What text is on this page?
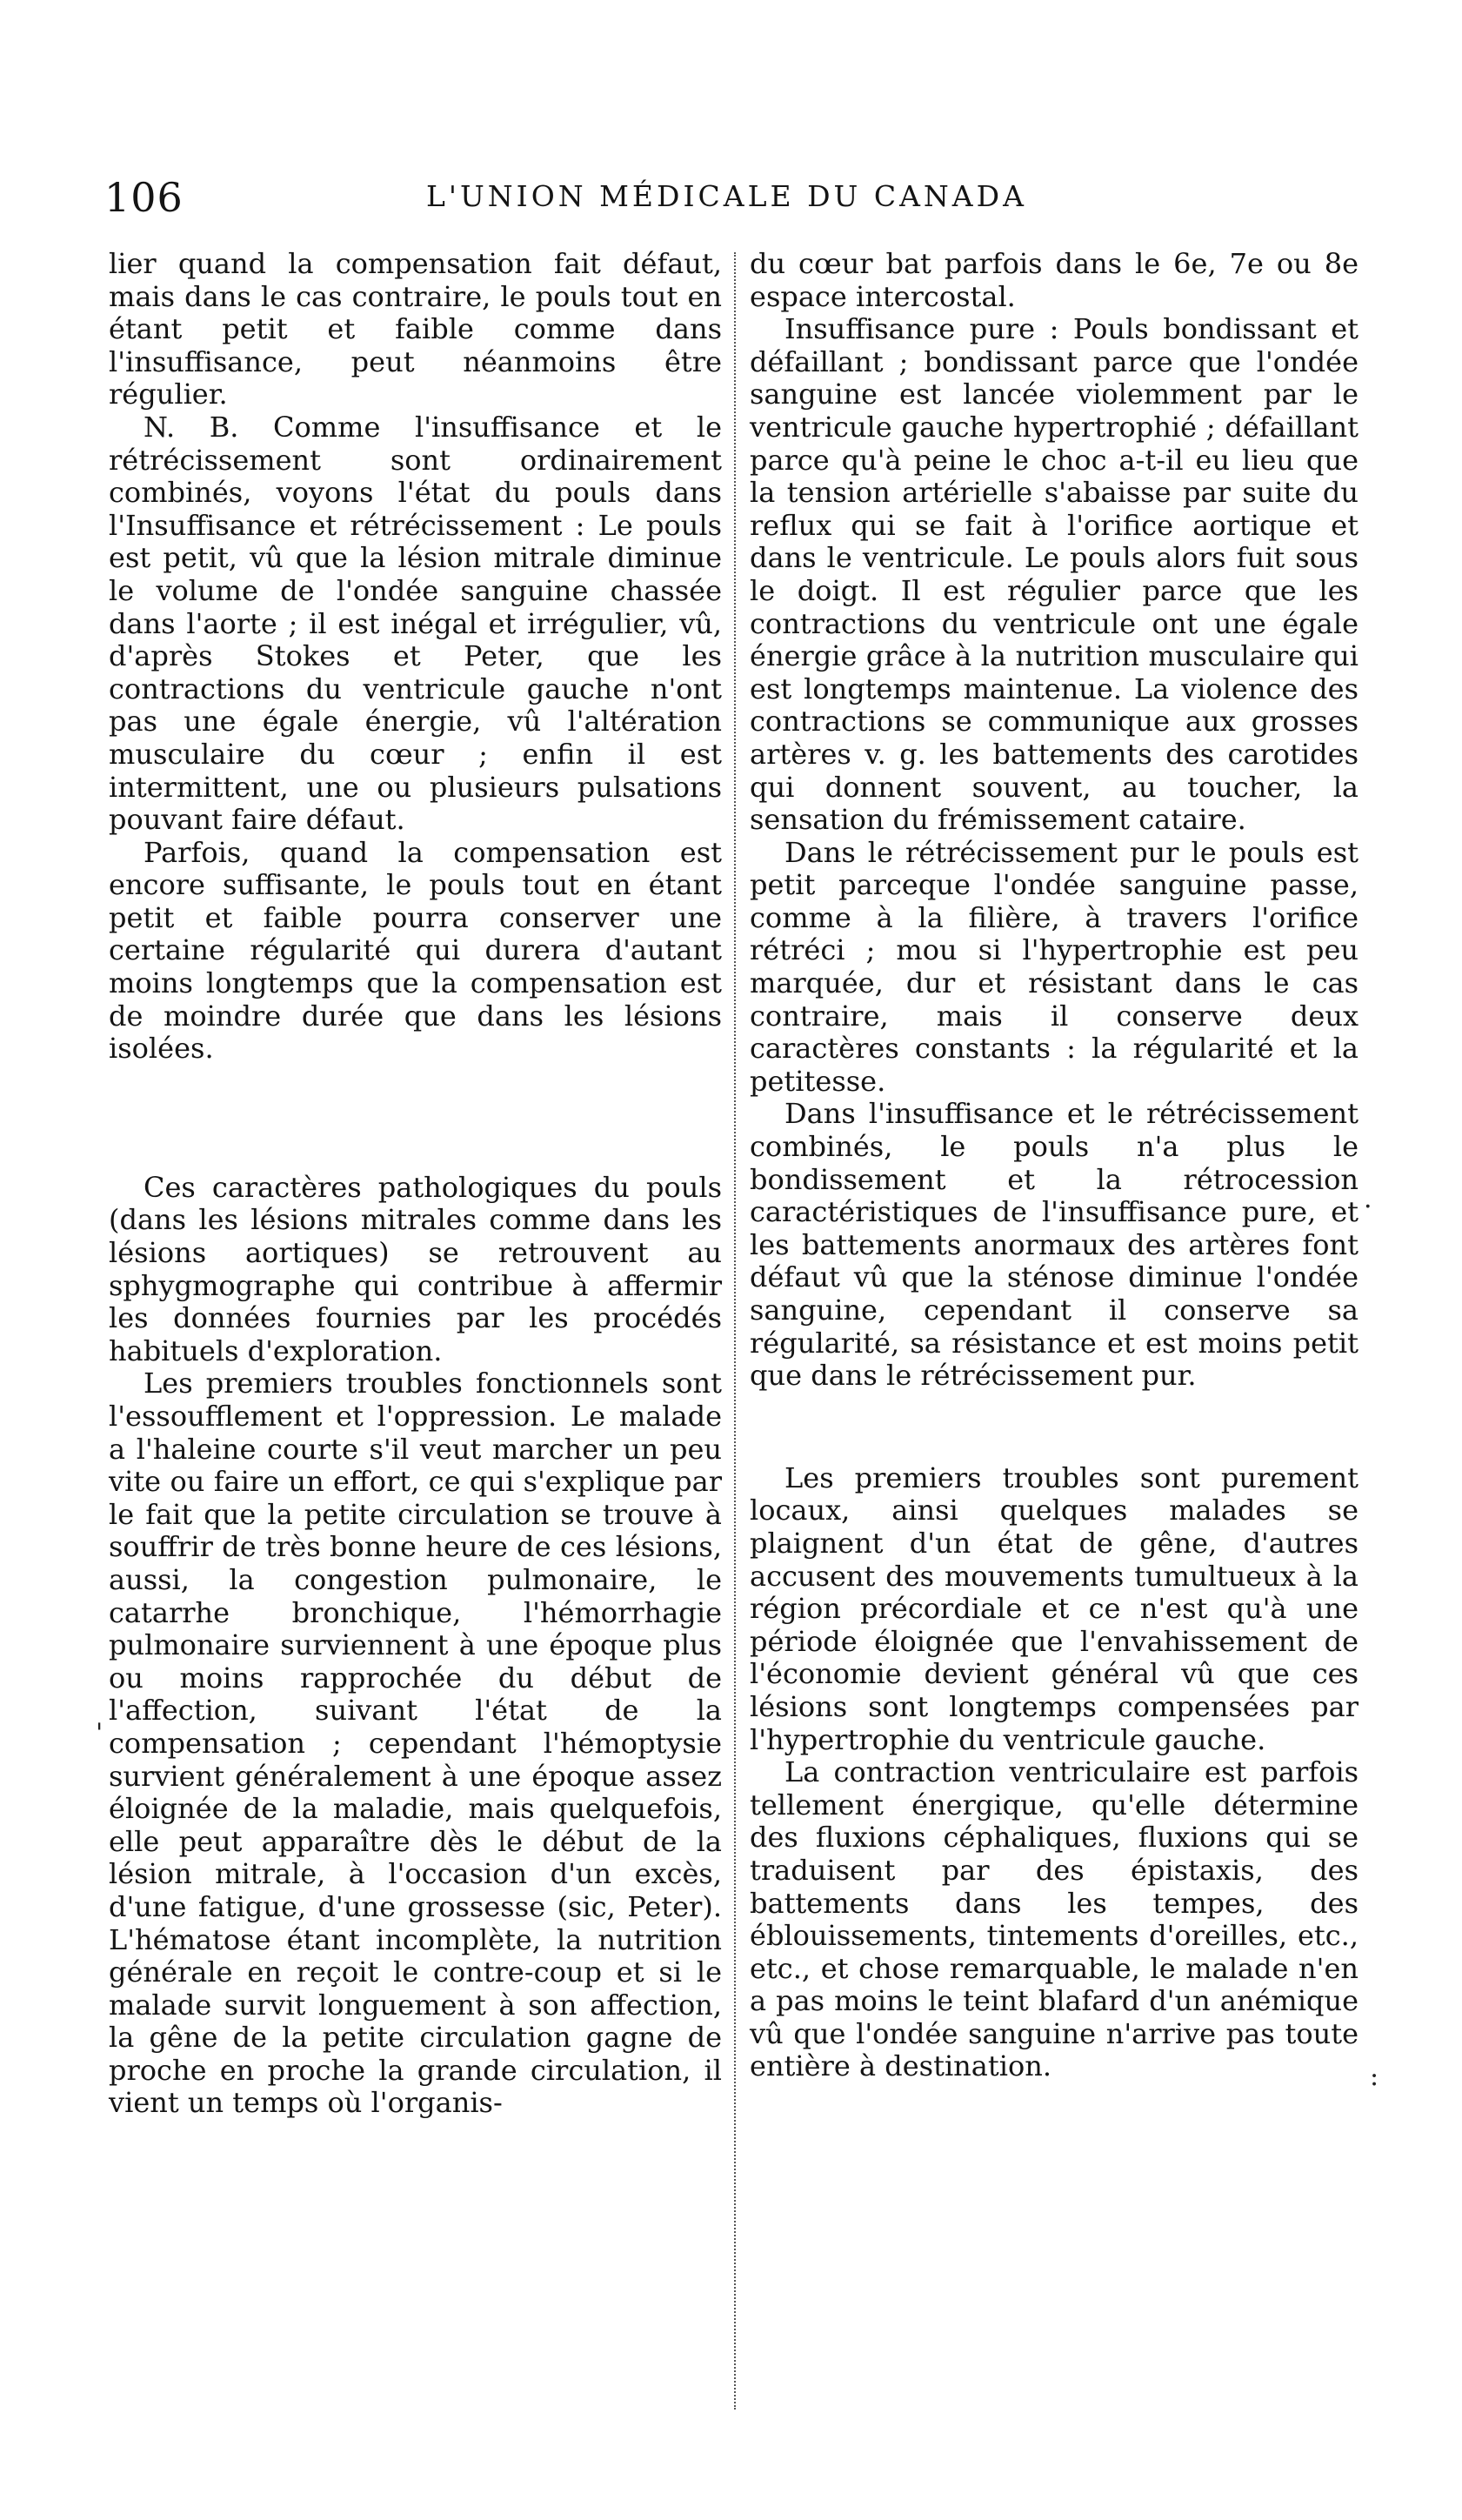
106	L'UNION MÉDICALE DU CANADA

lier quand la compensation fait défaut, mais dans le cas contraire, le pouls tout en étant petit et faible comme dans l'insuffisance, peut néanmoins être régulier.

N. B. Comme l'insuffisance et le rétrécissement sont ordinairement combinés, voyons l'état du pouls dans l'Insuffisance et rétrécissement : Le pouls est petit, vû que la lésion mitrale diminue le volume de l'ondée sanguine chassée dans l'aorte ; il est inégal et irrégulier, vû, d'après Stokes et Peter, que les contractions du ventricule gauche n'ont pas une égale énergie, vû l'altération musculaire du cœur ; enfin il est intermittent, une ou plusieurs pulsations pouvant faire défaut.

Parfois, quand la compensation est encore suffisante, le pouls tout en étant petit et faible pourra conserver une certaine régularité qui durera d'autant moins longtemps que la compensation est de moindre durée que dans les lésions isolées.

Ces caractères pathologiques du pouls (dans les lésions mitrales comme dans les lésions aortiques) se retrouvent au sphygmographe qui contribue à affermir les données fournies par les procédés habituels d'exploration.

Les premiers troubles fonctionnels sont l'essoufflement et l'oppression. Le malade a l'haleine courte s'il veut marcher un peu vite ou faire un effort, ce qui s'explique par le fait que la petite circulation se trouve à souffrir de très bonne heure de ces lésions, aussi, la congestion pulmonaire, le catarrhe bronchique, l'hémorrhagie pulmonaire surviennent à une époque plus ou moins rapprochée du début de l'affection, suivant l'état de la compensation ; cependant l'hémoptysie survient généralement à une époque assez éloignée de la maladie, mais quelquefois, elle peut apparaître dès le début de la lésion mitrale, à l'occasion d'un excès, d'une fatigue, d'une grossesse (sic, Peter). L'hématose étant incomplète, la nutrition générale en reçoit le contre-coup et si le malade survit longuement à son affection, la gêne de la petite circulation gagne de proche en proche la grande circulation, il vient un temps où l'organis-

du cœur bat parfois dans le 6e, 7e ou 8e espace intercostal.

Insuffisance pure : Pouls bondissant et défaillant ; bondissant parce que l'ondée sanguine est lancée violemment par le ventricule gauche hypertrophié ; défaillant parce qu'à peine le choc a-t-il eu lieu que la tension artérielle s'abaisse par suite du reflux qui se fait à l'orifice aortique et dans le ventricule. Le pouls alors fuit sous le doigt. Il est régulier parce que les contractions du ventricule ont une égale énergie grâce à la nutrition musculaire qui est longtemps maintenue. La violence des contractions se communique aux grosses artères v. g. les battements des carotides qui donnent souvent, au toucher, la sensation du frémissement cataire.

Dans le rétrécissement pur le pouls est petit parceque l'ondée sanguine passe, comme à la filière, à travers l'orifice rétréci ; mou si l'hypertrophie est peu marquée, dur et résistant dans le cas contraire, mais il conserve deux caractères constants : la régularité et la petitesse.

Dans l'insuffisance et le rétrécissement combinés, le pouls n'a plus le bondissement et la rétrocession caractéristiques de l'insuffisance pure, et les battements anormaux des artères font défaut vû que la sténose diminue l'ondée sanguine, cependant il conserve sa régularité, sa résistance et est moins petit que dans le rétrécissement pur.

Les premiers troubles sont purement locaux, ainsi quelques malades se plaignent d'un état de gêne, d'autres accusent des mouvements tumultueux à la région précordiale et ce n'est qu'à une période éloignée que l'envahissement de l'économie devient général vû que ces lésions sont longtemps compensées par l'hypertrophie du ventricule gauche.

La contraction ventriculaire est parfois tellement énergique, qu'elle détermine des fluxions céphaliques, fluxions qui se traduisent par des épistaxis, des battements dans les tempes, des éblouissements, tintements d'oreilles, etc., etc., et chose remarquable, le malade n'en a pas moins le teint blafard d'un anémique vû que l'ondée sanguine n'arrive pas toute entière à destination.

'
·
:
